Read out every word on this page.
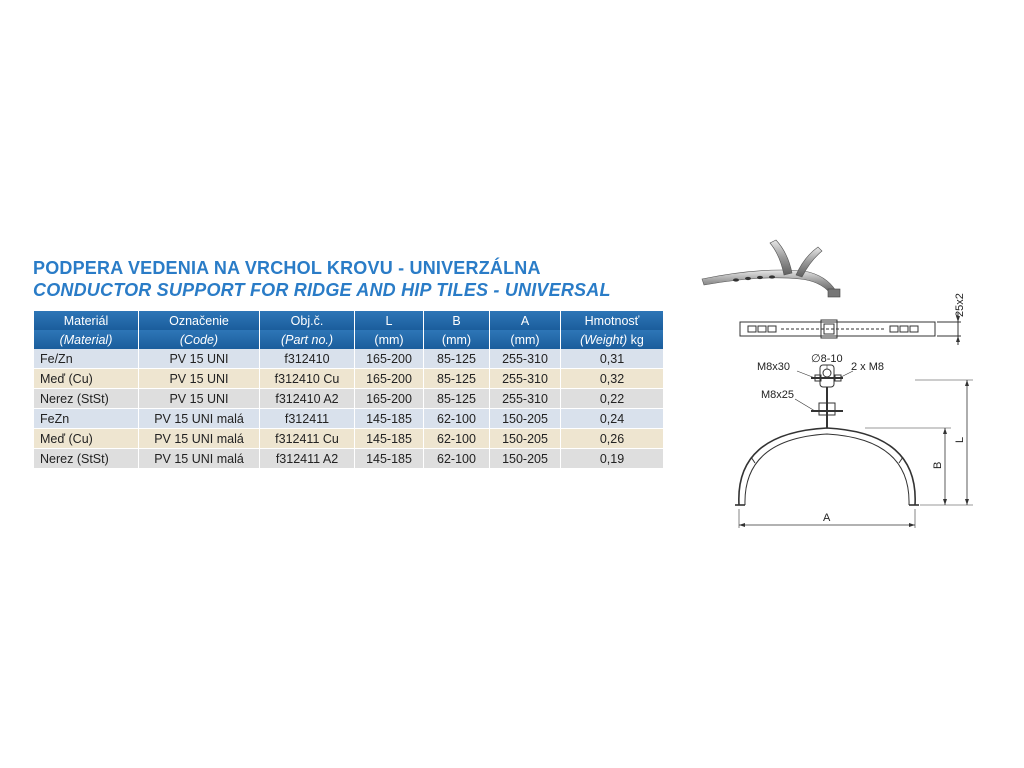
PODPERA VEDENIA NA VRCHOL KROVU - UNIVERZÁLNA
CONDUCTOR SUPPORT FOR RIDGE AND HIP TILES - UNIVERSAL
Materiál	Označenie	Obj.č.	L	B	A	Hmotnosť
(Material)	(Code)	(Part no.)	(mm)	(mm)	(mm)	(Weight) kg
Fe/Zn	PV 15 UNI	f312410	165-200	85-125	255-310	0,31
Meď (Cu)	PV 15 UNI	f312410 Cu	165-200	85-125	255-310	0,32
Nerez (StSt)	PV 15 UNI	f312410 A2	165-200	85-125	255-310	0,22
FeZn	PV 15 UNI malá	f312411	145-185	62-100	150-205	0,24
Meď (Cu)	PV 15 UNI malá	f312411 Cu	145-185	62-100	150-205	0,26
Nerez (StSt)	PV 15 UNI malá	f312411 A2	145-185	62-100	150-205	0,19
25x2
M8x30
∅8-10
2 x M8
M8x25
L
B
A
